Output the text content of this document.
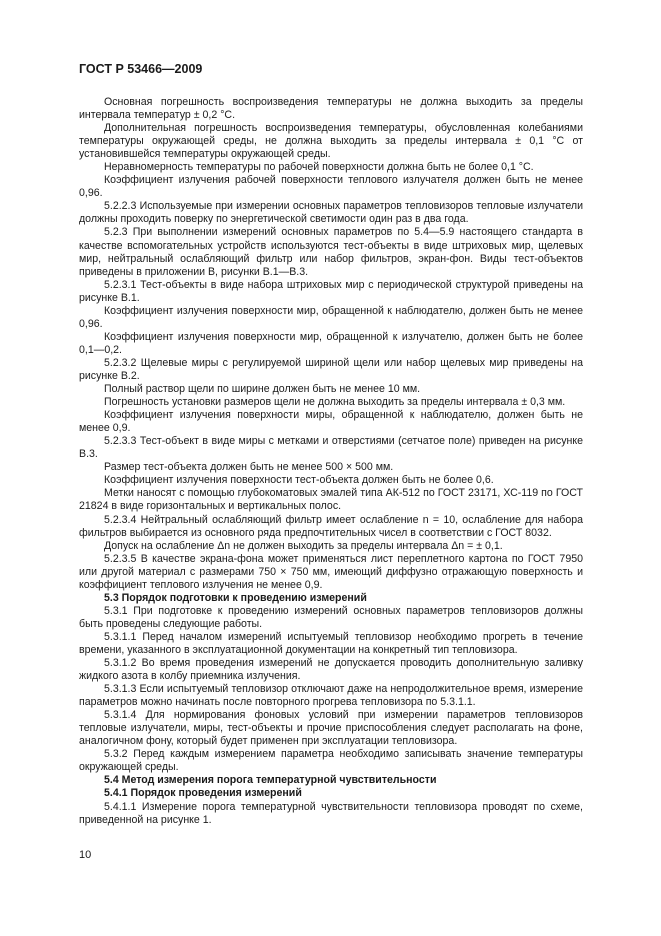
ГОСТ Р 53466—2009

Основная погрешность воспроизведения температуры не должна выходить за пределы интервала температур ± 0,2 °С.

Дополнительная погрешность воспроизведения температуры, обусловленная колебаниями температуры окружающей среды, не должна выходить за пределы интервала ± 0,1 °С от установившейся температуры окружающей среды.

Неравномерность температуры по рабочей поверхности должна быть не более 0,1 °С.

Коэффициент излучения рабочей поверхности теплового излучателя должен быть не менее 0,96.

5.2.2.3 Используемые при измерении основных параметров тепловизоров тепловые излучатели должны проходить поверку по энергетической светимости один раз в два года.

5.2.3 При выполнении измерений основных параметров по 5.4—5.9 настоящего стандарта в качестве вспомогательных устройств используются тест-объекты в виде штриховых мир, щелевых мир, нейтральный ослабляющий фильтр или набор фильтров, экран-фон. Виды тест-объектов приведены в приложении В, рисунки В.1—В.3.

5.2.3.1 Тест-объекты в виде набора штриховых мир с периодической структурой приведены на рисунке В.1.

Коэффициент излучения поверхности мир, обращенной к наблюдателю, должен быть не менее 0,96.

Коэффициент излучения поверхности мир, обращенной к излучателю, должен быть не более 0,1—0,2.

5.2.3.2 Щелевые миры с регулируемой шириной щели или набор щелевых мир приведены на рисунке В.2.

Полный раствор щели по ширине должен быть не менее 10 мм.

Погрешность установки размеров щели не должна выходить за пределы интервала ± 0,3 мм.

Коэффициент излучения поверхности миры, обращенной к наблюдателю, должен быть не менее 0,9.

5.2.3.3 Тест-объект в виде миры с метками и отверстиями (сетчатое поле) приведен на рисунке В.3.

Размер тест-объекта должен быть не менее 500 × 500 мм.

Коэффициент излучения поверхности тест-объекта должен быть не более 0,6.

Метки наносят с помощью глубокоматовых эмалей типа АК-512 по ГОСТ 23171, ХС-119 по ГОСТ 21824 в виде горизонтальных и вертикальных полос.

5.2.3.4 Нейтральный ослабляющий фильтр имеет ослабление n = 10, ослабление для набора фильтров выбирается из основного ряда предпочтительных чисел в соответствии с ГОСТ 8032.

Допуск на ослабление Δn не должен выходить за пределы интервала Δn = ± 0,1.

5.2.3.5 В качестве экрана-фона может применяться лист переплетного картона по ГОСТ 7950 или другой материал с размерами 750 × 750 мм, имеющий диффузно отражающую поверхность и коэффициент теплового излучения не менее 0,9.

5.3 Порядок подготовки к проведению измерений

5.3.1 При подготовке к проведению измерений основных параметров тепловизоров должны быть проведены следующие работы.

5.3.1.1 Перед началом измерений испытуемый тепловизор необходимо прогреть в течение времени, указанного в эксплуатационной документации на конкретный тип тепловизора.

5.3.1.2 Во время проведения измерений не допускается проводить дополнительную заливку жидкого азота в колбу приемника излучения.

5.3.1.3 Если испытуемый тепловизор отключают даже на непродолжительное время, измерение параметров можно начинать после повторного прогрева тепловизора по 5.3.1.1.

5.3.1.4 Для нормирования фоновых условий при измерении параметров тепловизоров тепловые излучатели, миры, тест-объекты и прочие приспособления следует располагать на фоне, аналогичном фону, который будет применен при эксплуатации тепловизора.

5.3.2 Перед каждым измерением параметра необходимо записывать значение температуры окружающей среды.

5.4 Метод измерения порога температурной чувствительности

5.4.1 Порядок проведения измерений

5.4.1.1 Измерение порога температурной чувствительности тепловизора проводят по схеме, приведенной на рисунке 1.

10
